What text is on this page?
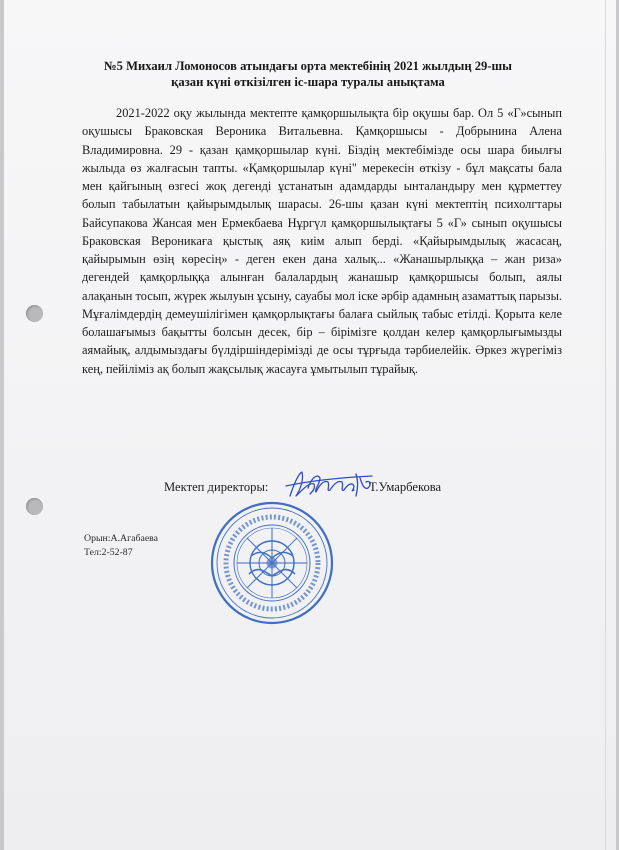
№5 Михаил Ломоносов атындағы орта мектебінің 2021 жылдың 29-шы
қазан күні өткізілген іс-шара туралы анықтама

2021-2022 оқу жылында мектепте қамқоршылықта бір оқушы бар. Ол 5 «Г»сынып оқушысы Браковская Вероника Витальевна. Қамқоршысы - Добрынина Алена Владимировна. 29 - қазан қамқоршылар күні. Біздің мектебімізде осы шара биылғы жылыда өз жалғасын тапты. «Қамқоршылар күні" мерекесін өткізу - бұл мақсаты бала мен қайғының өзгесі жоқ дегенді ұстанатын адамдарды ынталандыру мен құрметтеу болып табылатын қайырымдылық шарасы. 26-шы қазан күні мектептің психолгтары Байсупакова Жанcая мен Ермекбаева Нұргүл қамқоршылықтағы 5 «Г» сынып оқушысы Браковская Вероникаға қыстық аяқ киім алып берді. «Қайырымдылық жасасаң, қайырымын өзің көресің» - деген екен дана халық... «Жанашырлыққа – жан риза» дегендей қамқорлыққа алынған балалардың жанашыр қамқоршысы болып, аялы алақанын тосып, жүрек жылуын ұсыну, сауабы мол іске әрбір адамның азаматтық парызы. Мұғалімдердің демеушілігімен қамқорлықтағы балаға сыйлық табыс етілді. Қорыта келе болашағымыз бақытты болсын десек, бір – бірімізге қолдан келер қамқорлығымызды аямайық, алдымыздағы бүлдіршіндерімізді де осы тұрғыда тәрбиелейік. Әркез жүрегіміз кең, пейіліміз ақ болып жақсылық жасауға ұмытылып тұрайық.

Мектеп директоры:	Т.Умарбекова
Орын:А.Агабаева
Тел:2-52-87
